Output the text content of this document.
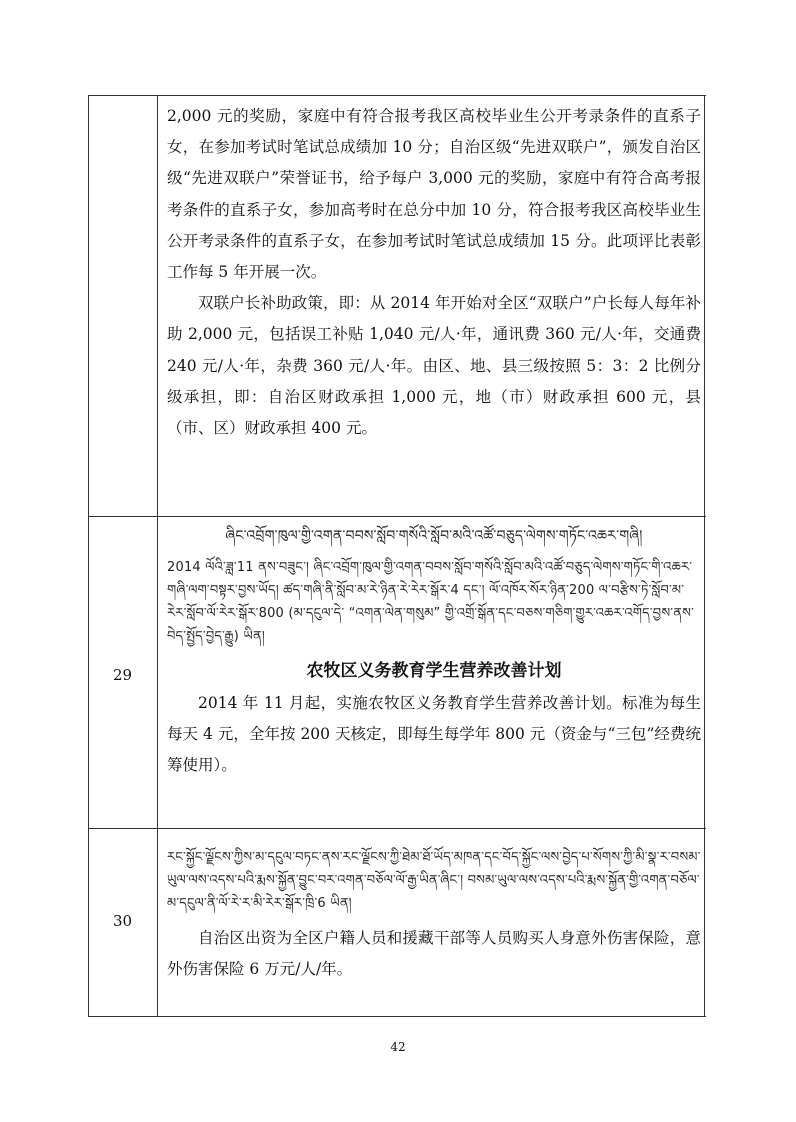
2,000 元的奖励，家庭中有符合报考我区高校毕业生公开考录条件的直系子女，在参加考试时笔试总成绩加 10 分；自治区级“先进双联户”，颁发自治区级“先进双联户”荣誉证书，给予每户 3,000 元的奖励，家庭中有符合高考报考条件的直系子女，参加高考时在总分中加 10 分，符合报考我区高校毕业生公开考录条件的直系子女，在参加考试时笔试总成绩加 15 分。此项评比表彰工作每 5 年开展一次。

双联户长补助政策，即：从 2014 年开始对全区“双联户”户长每人每年补助 2,000 元，包括误工补贴 1,040 元/人·年，通讯费 360 元/人·年，交通费 240 元/人·年，杂费 360 元/人·年。由区、地、县三级按照 5：3：2 比例分级承担，即：自治区财政承担 1,000 元，地（市）财政承担 600 元，县（市、区）财政承担 400 元。

29

ཞིང་འབྲོག་ཁུལ་གྱི་འགན་བབས་སློབ་གསོའི་སློབ་མའི་འཚོ་བཅུད་ལེགས་གཏོང་འཆར་གཞི།

2014 ལོའི་ཟླ་11 ནས་བཟུང་། ཞིང་འབྲོག་ཁུལ་གྱི་འགན་བབས་སློབ་གསོའི་སློབ་མའི་འཚོ་བཅུད་ལེགས་གཏོང་གི་འཆར་གཞི་ལག་བསྟར་བྱས་ཡོད། ཚད་གཞི་ནི་སློབ་མ་རེ་ཉིན་རེ་རེར་སྒོར་4 དང་། ལོ་འཁོར་སོར་ཉིན་200 ལ་བརྩིས་ཏེ་སློབ་མ་རེར་སློབ་ལོ་རེར་སྒོར་800 (མ་དངུལ་དེ་ “འགན་ལེན་གསུམ” གྱི་འགྲོ་སྒོན་དང་བཅས་གཅིག་གྱུར་འཆར་འགོད་བྱས་ནས་བེད་སྤྱོད་བྱེད་རྒྱུ) ཡིན།

农牧区义务教育学生营养改善计划

2014 年 11 月起，实施农牧区义务教育学生营养改善计划。标准为每生每天 4 元，全年按 200 天核定，即每生每学年 800 元（资金与“三包”经费统筹使用）。

30

རང་སྐྱོང་ལྗོངས་ཀྱིས་མ་དངུལ་བཏང་ནས་རང་ལྗོངས་ཀྱི་ཐེམ་ཐོ་ཡོད་མཁན་དང་བོད་སྐྱོང་ལས་བྱེད་པ་སོགས་ཀྱི་མི་སྣ་ར་བསམ་ཡུལ་ལས་འདས་པའི་རྨས་སྐྱོན་བྱུང་བར་འགན་བཅོལ་ལོ་རྒྱ་ཡིན་ཞིང་། བསམ་ཡུལ་ལས་འདས་པའི་རྨས་སྐྱོན་གྱི་འགན་བཅོལ་མ་དངུལ་ནི་ལོ་རེ་ར་མི་རེར་སྒོར་ཁྲི་6 ཡིན།

自治区出资为全区户籍人员和援藏干部等人员购买人身意外伤害保险，意外伤害保险 6 万元/人/年。

42
